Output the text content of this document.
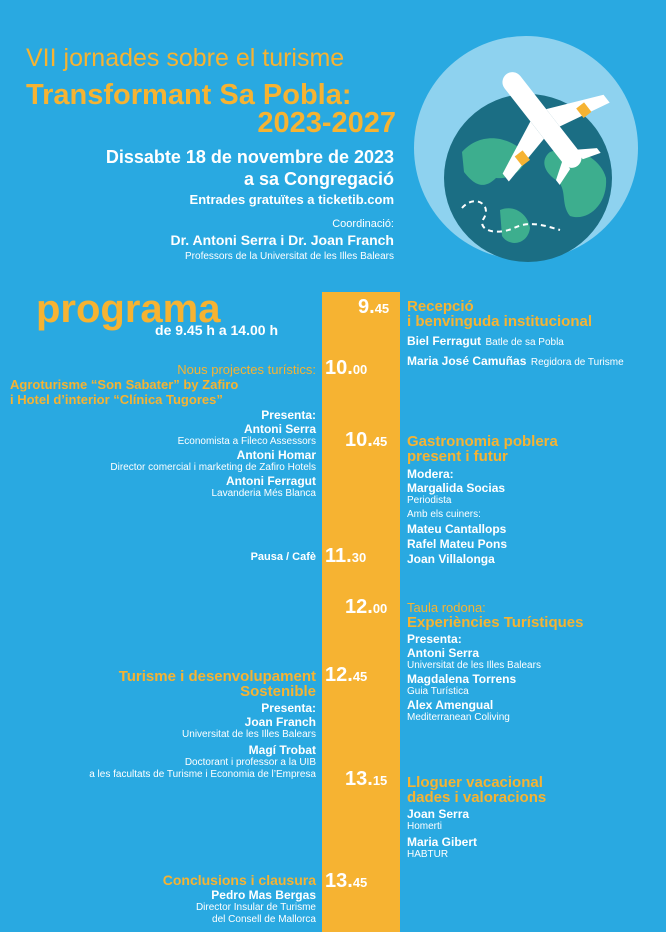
VII jornades sobre el turisme
Transformant Sa Pobla:
2023-2027
Dissabte 18 de novembre de 2023
a sa Congregació
Entrades gratuïtes a ticketib.com
Coordinació:
Dr. Antoni Serra i Dr. Joan Franch
Professors de la Universitat de les Illes Balears
programa
de 9.45 h a 14.00 h
9.45
10.00
10.45
11.30
12.00
12.45
13.15
13.45
Recepció
i benvinguda institucional
Biel Ferragut Batle de sa Pobla
Maria José Camuñas Regidora de Turisme
Nous projectes turístics:
Agroturisme “Son Sabater” by Zafiro
i Hotel d’interior “Clínica Tugores”
Presenta:
Antoni Serra
Economista a Fileco Assessors
Antoni Homar
Director comercial i marketing de Zafiro Hotels
Antoni Ferragut
Lavanderia Més Blanca
Gastronomia poblera
present i futur
Modera:
Margalida Socias
Periodista
Amb els cuiners:
Mateu Cantallops
Rafel Mateu Pons
Joan Villalonga
Pausa / Cafè
Taula rodona:
Experiències Turístiques
Presenta:
Antoni Serra
Universitat de les Illes Balears
Magdalena Torrens
Guia Turística
Alex Amengual
Mediterranean Coliving
Turisme i desenvolupament
Sostenible
Presenta:
Joan Franch
Universitat de les Illes Balears
Magí Trobat
Doctorant i professor a la UIB
a les facultats de Turisme i Economia de l’Empresa	Lloguer vacacional
dades i valoracions
Joan Serra
Homerti
Maria Gibert
HABTUR
Conclusions i clausura
Pedro Mas Bergas
Director Insular de Turisme
del Consell de Mallorca
